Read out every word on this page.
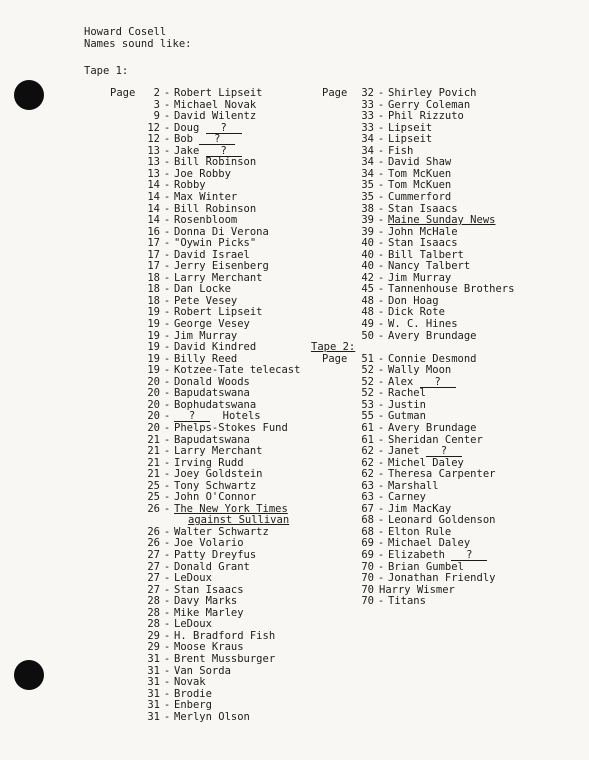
Howard Cosell
Names sound like:
Tape 1:
Page 2 - Robert Lipseit
3 - Michael Novak
9 - David Wilentz
12 - Doug ?
12 - Bob ?
13 - Jake ?
13 - Bill Robinson
13 - Joe Robby
14 - Robby
14 - Max Winter
14 - Bill Robinson
14 - Rosenbloom
16 - Donna Di Verona
17 - "Oywin Picks"
17 - David Israel
17 - Jerry Eisenberg
18 - Larry Merchant
18 - Dan Locke
18 - Pete Vesey
19 - Robert Lipseit
19 - George Vesey
19 - Jim Murray
19 - David Kindred
19 - Billy Reed
19 - Kotzee-Tate telecast
20 - Donald Woods
20 - Bapudatswana
20 - Bophudatswana
20 - ?	Hotels
20 - Phelps-Stokes Fund
21 - Bapudatswana
21 - Larry Merchant
21 - Irving Rudd
21 - Joey Goldstein
25 - Tony Schwartz
25 - John O'Connor
26 - The New York Times
against Sullivan
26 - Walter Schwartz
26 - Joe Volario
27 - Patty Dreyfus
27 - Donald Grant
27 - LeDoux
27 - Stan Isaacs
28 - Davy Marks
28 - Mike Marley
28 - LeDoux
29 - H. Bradford Fish
29 - Moose Kraus
31 - Brent Mussburger
31 - Van Sorda
31 - Novak
31 - Brodie
31 - Enberg
31 - Merlyn Olson
Page 32 - Shirley Povich
33 - Gerry Coleman
33 - Phil Rizzuto
33 - Lipseit
34 - Lipseit
34 - Fish
34 - David Shaw
34 - Tom McKuen
35 - Tom McKuen
35 - Cummerford
38 - Stan Isaacs
39 - Maine Sunday News
39 - John McHale
40 - Stan Isaacs
40 - Bill Talbert
40 - Nancy Talbert
42 - Jim Murray
45 - Tannenhouse Brothers
48 - Don Hoag
48 - Dick Rote
49 - W. C. Hines
50 - Avery Brundage
Tape 2:
Page 51 - Connie Desmond
52 - Wally Moon
52 - Alex ?
52 - Rachel
53 - Justin
55 - Gutman
61 - Avery Brundage
61 - Sheridan Center
62 - Janet ?
62 - Michel Daley
62 - Theresa Carpenter
63 - Marshall
63 - Carney
67 - Jim MacKay
68 - Leonard Goldenson
68 - Elton Rule
69 - Michael Daley
69 - Elizabeth ?
70 - Brian Gumbel
70 - Jonathan Friendly
70 Harry Wismer
70 - Titans
